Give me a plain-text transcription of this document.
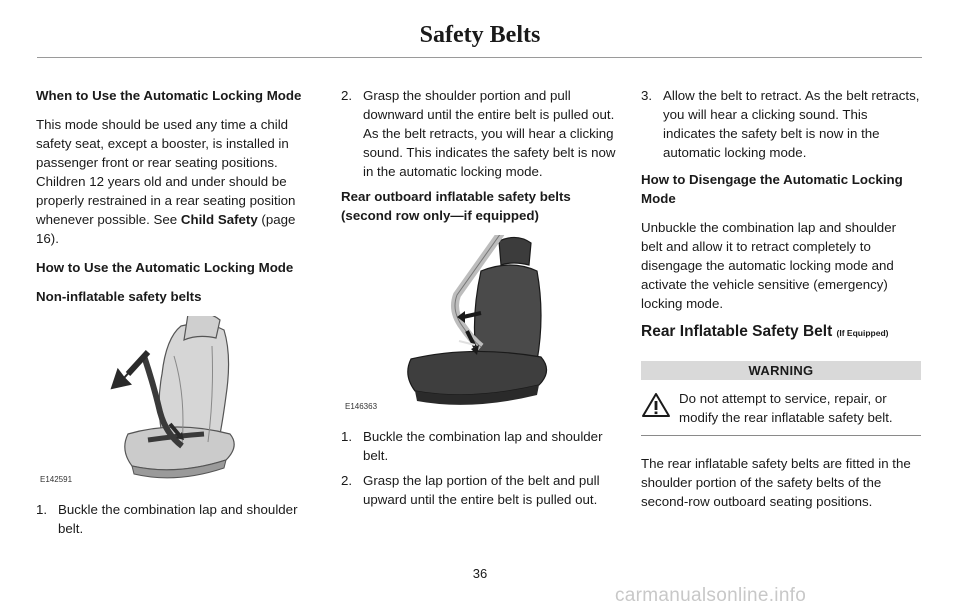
Safety Belts
When to Use the Automatic Locking Mode

This mode should be used any time a child safety seat, except a booster, is installed in passenger front or rear seating positions. Children 12 years old and under should be properly restrained in a rear seating position whenever possible. See Child Safety (page 16).

How to Use the Automatic Locking Mode
Non-inflatable safety belts
E142591
1. Buckle the combination lap and shoulder belt.
2. Grasp the shoulder portion and pull downward until the entire belt is pulled out. As the belt retracts, you will hear a clicking sound. This indicates the safety belt is now in the automatic locking mode.
Rear outboard inflatable safety belts (second row only—if equipped)
E146363
1. Buckle the combination lap and shoulder belt.
2. Grasp the lap portion of the belt and pull upward until the entire belt is pulled out.
3. Allow the belt to retract. As the belt retracts, you will hear a clicking sound. This indicates the safety belt is now in the automatic locking mode.
How to Disengage the Automatic Locking Mode

Unbuckle the combination lap and shoulder belt and allow it to retract completely to disengage the automatic locking mode and activate the vehicle sensitive (emergency) locking mode.

Rear Inflatable Safety Belt (If Equipped)
WARNING
Do not attempt to service, repair, or modify the rear inflatable safety belt.

The rear inflatable safety belts are fitted in the shoulder portion of the safety belts of the second-row outboard seating positions.

36
carmanualsonline.info
